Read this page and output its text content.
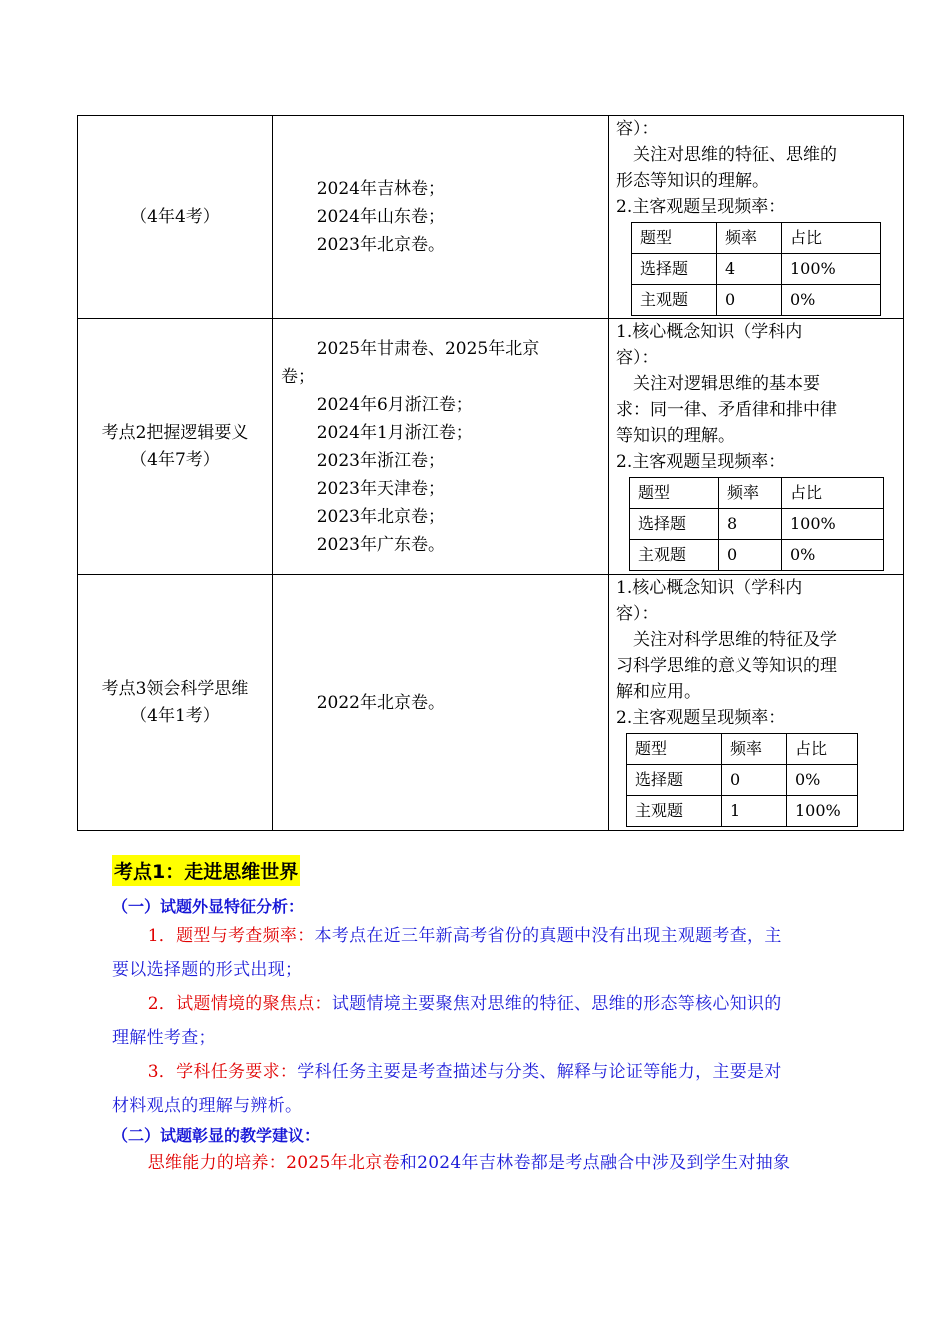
（4年4考）

2024年吉林卷；
2024年山东卷；
2023年北京卷。

容）：
关注对思维的特征、思维的
形态等知识的理解。
2.主客观题呈现频率：
题型	频率	占比
选择题	4	100%
主观题	0	0%

考点2把握逻辑要义
（4年7考）

2025年甘肃卷、2025年北京
卷；
2024年6月浙江卷；
2024年1月浙江卷；
2023年浙江卷；
2023年天津卷；
2023年北京卷；
2023年广东卷。

1.核心概念知识（学科内
容）：
关注对逻辑思维的基本要
求：同一律、矛盾律和排中律
等知识的理解。
2.主客观题呈现频率：
题型	频率	占比
选择题	8	100%
主观题	0	0%

考点3领会科学思维
（4年1考）

2022年北京卷。

1.核心概念知识（学科内
容）：
关注对科学思维的特征及学
习科学思维的意义等知识的理
解和应用。
2.主客观题呈现频率：
题型	频率	占比
选择题	0	0%
主观题	1	100%
考点1：走进思维世界
（一）试题外显特征分析：
1．题型与考查频率：本考点在近三年新高考省份的真题中没有出现主观题考查，主
要以选择题的形式出现；
2．试题情境的聚焦点：试题情境主要聚焦对思维的特征、思维的形态等核心知识的
理解性考查；
3．学科任务要求：学科任务主要是考查描述与分类、解释与论证等能力，主要是对
材料观点的理解与辨析。
（二）试题彰显的教学建议：
思维能力的培养：2025年北京卷和2024年吉林卷都是考点融合中涉及到学生对抽象
